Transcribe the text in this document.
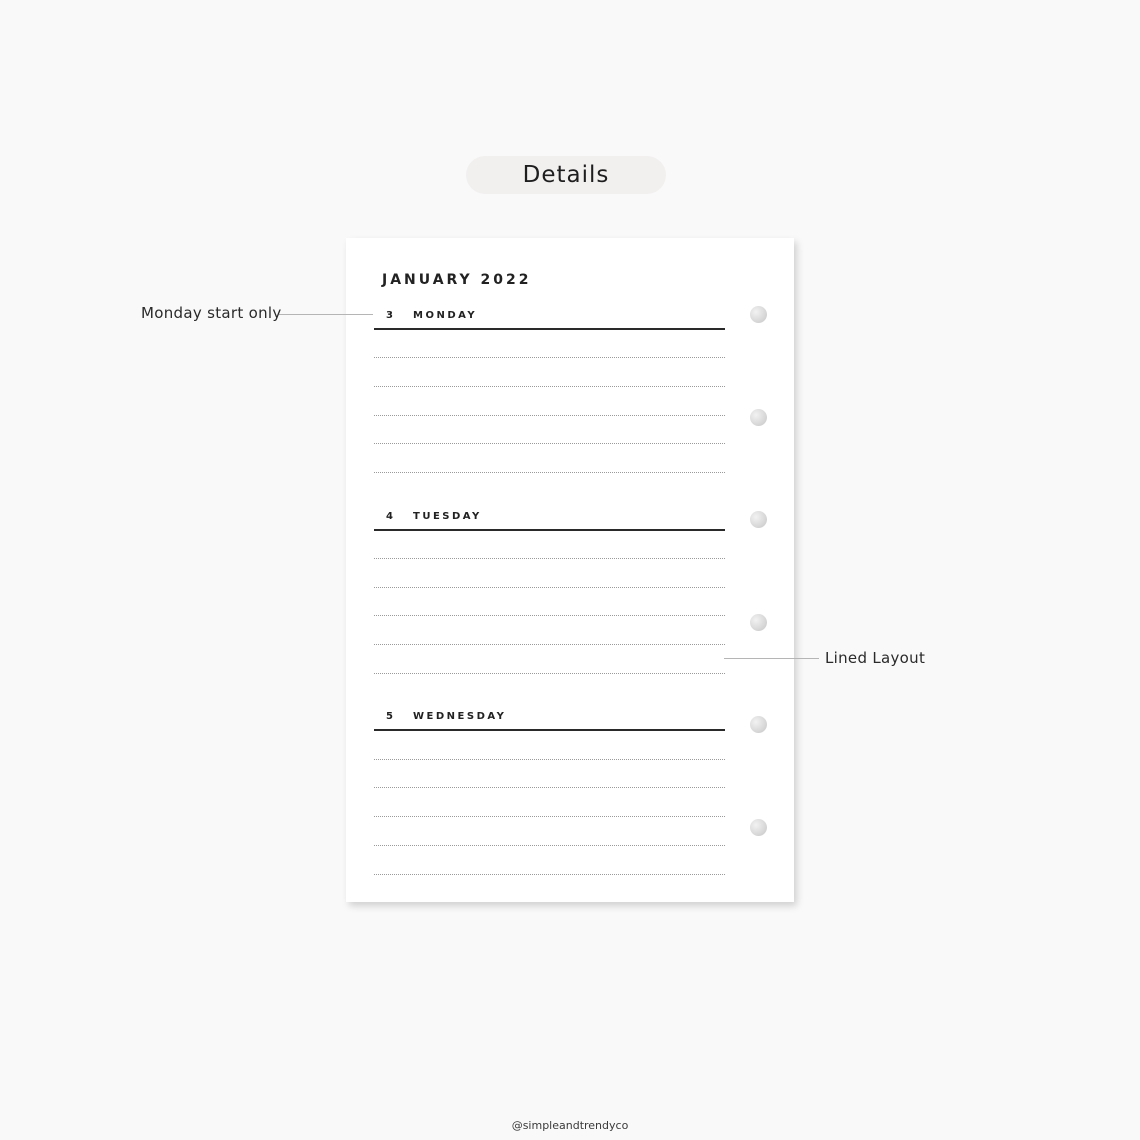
Details
JANUARY 2022
3 MONDAY
4 TUESDAY
5 WEDNESDAY
Monday start only
Lined Layout
@simpleandtrendyco
